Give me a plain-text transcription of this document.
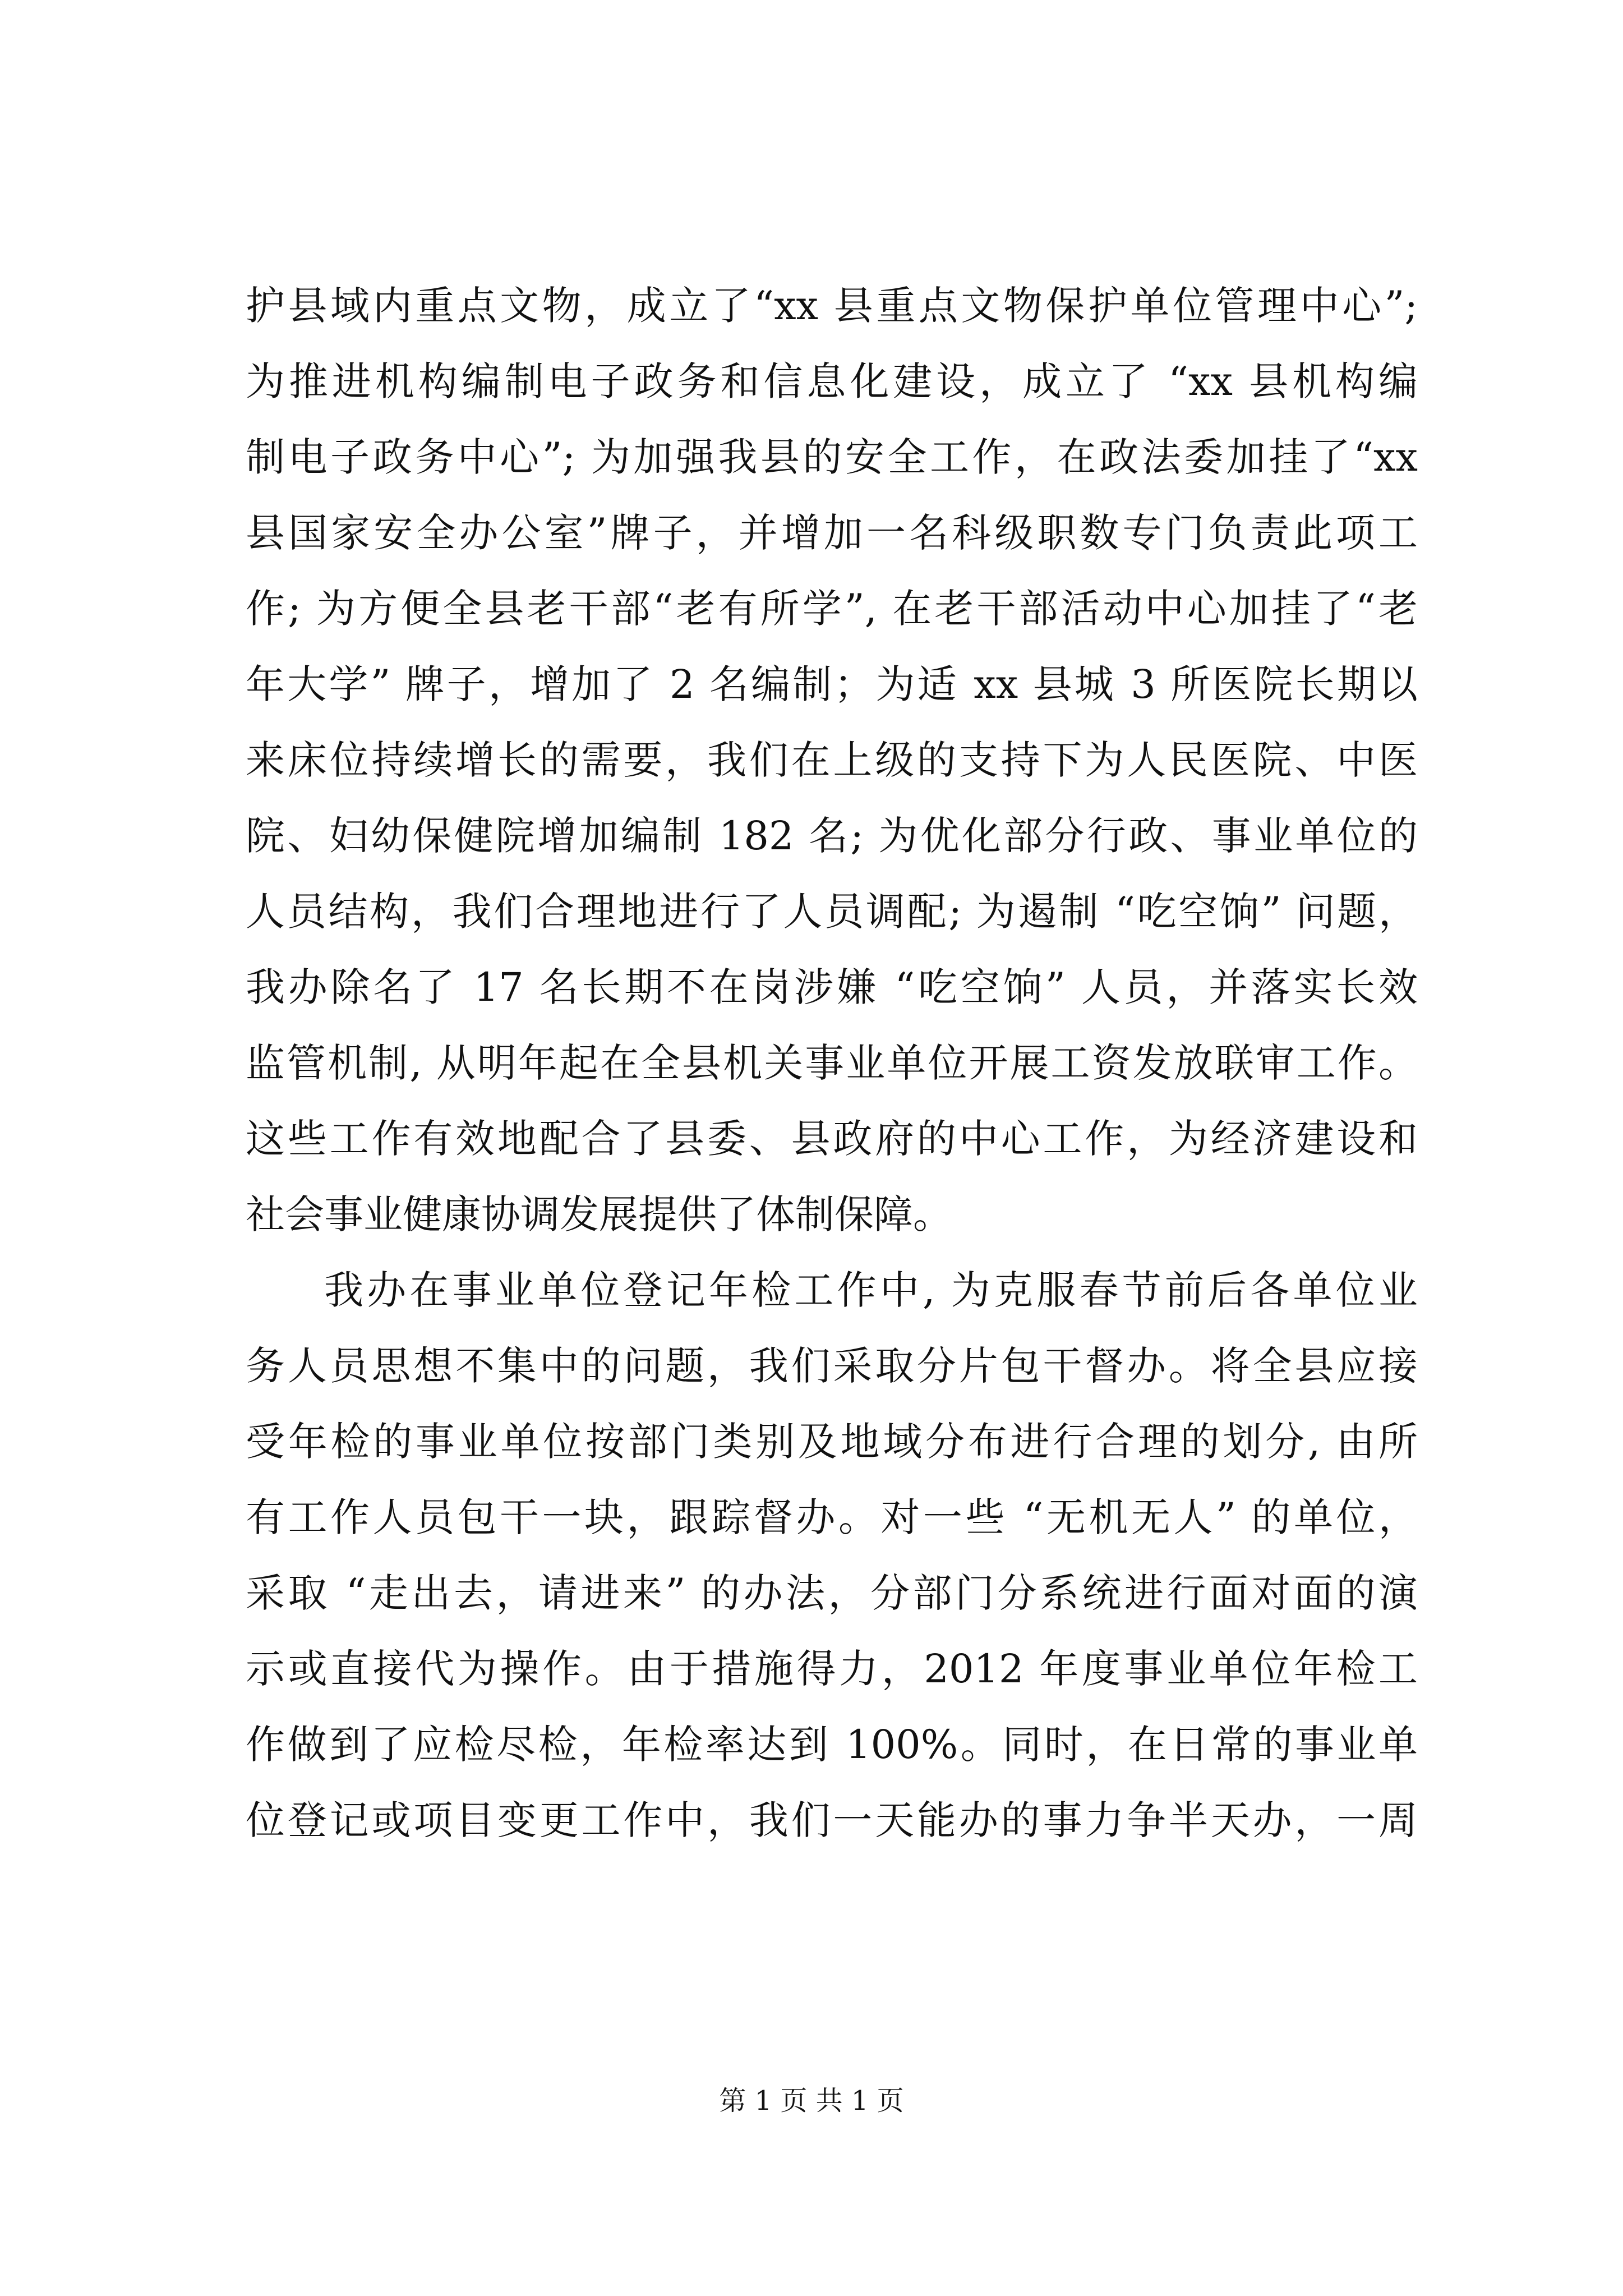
护县域内重点文物，成立了“xx 县重点文物保护单位管理中心”;
为推进机构编制电子政务和信息化建设，成立了 “xx 县机构编
制电子政务中心”; 为加强我县的安全工作，在政法委加挂了“xx
县国家安全办公室”牌子，并增加一名科级职数专门负责此项工
作; 为方便全县老干部“老有所学”, 在老干部活动中心加挂了“老
年大学” 牌子，增加了 2 名编制；为适 xx 县城 3 所医院长期以
来床位持续增长的需要，我们在上级的支持下为人民医院、中医
院、妇幼保健院增加编制 182 名; 为优化部分行政、事业单位的
人员结构，我们合理地进行了人员调配; 为遏制 “吃空饷” 问题，
我办除名了 17 名长期不在岗涉嫌 “吃空饷” 人员，并落实长效
监管机制, 从明年起在全县机关事业单位开展工资发放联审工作。
这些工作有效地配合了县委、县政府的中心工作，为经济建设和
社会事业健康协调发展提供了体制保障。
我办在事业单位登记年检工作中, 为克服春节前后各单位业
务人员思想不集中的问题，我们采取分片包干督办。将全县应接
受年检的事业单位按部门类别及地域分布进行合理的划分, 由所
有工作人员包干一块，跟踪督办。对一些 “无机无人” 的单位，
采取 “走出去，请进来” 的办法，分部门分系统进行面对面的演
示或直接代为操作。由于措施得力，2012 年度事业单位年检工
作做到了应检尽检，年检率达到 100%。同时，在日常的事业单
位登记或项目变更工作中，我们一天能办的事力争半天办，一周
第 1 页 共 1 页
